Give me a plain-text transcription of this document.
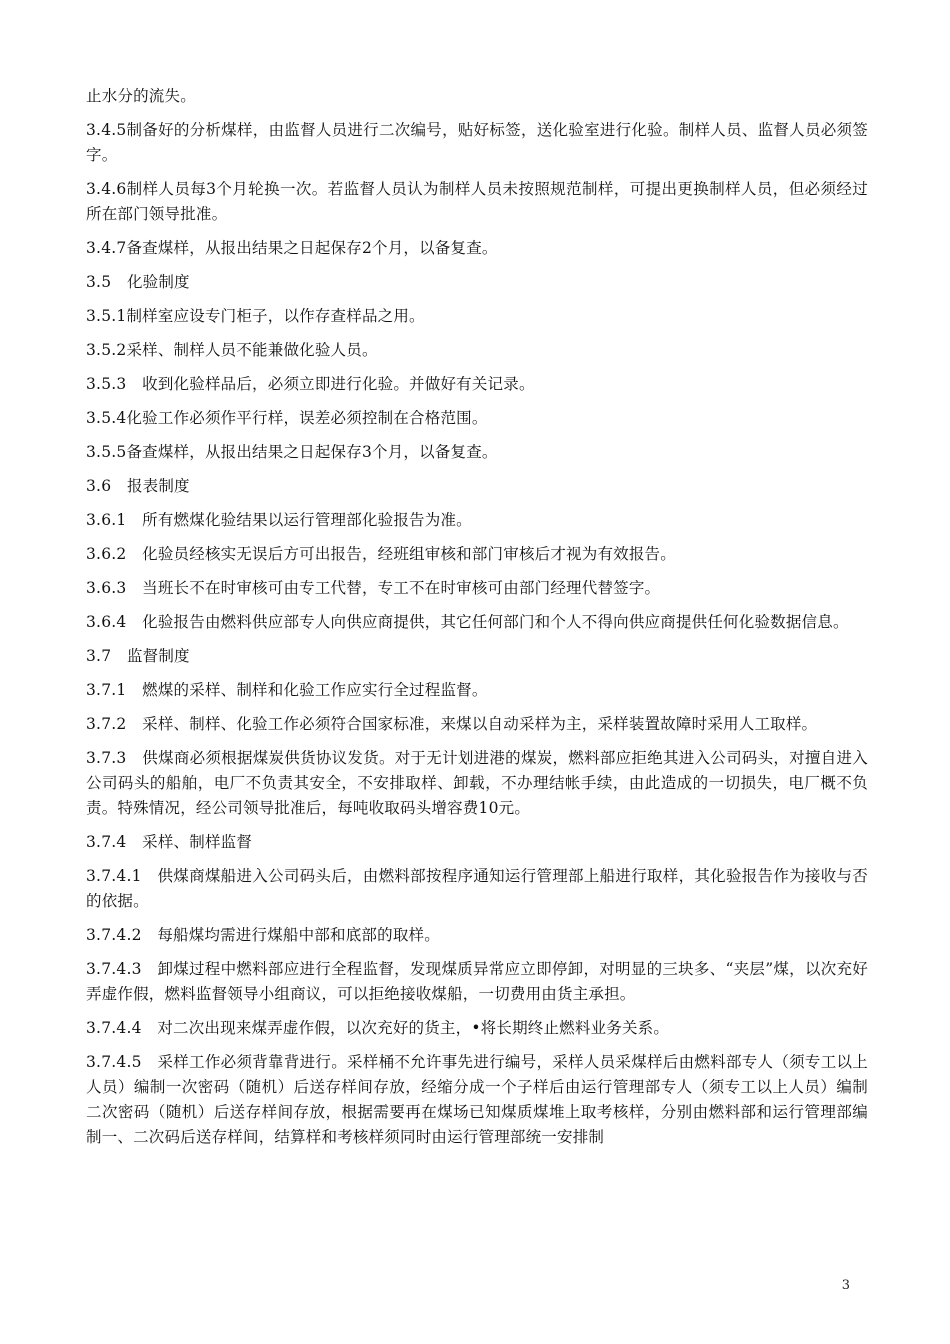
止水分的流失。

3.4.5制备好的分析煤样，由监督人员进行二次编号，贴好标签，送化验室进行化验。制样人员、监督人员必须签字。

3.4.6制样人员每3个月轮换一次。若监督人员认为制样人员未按照规范制样，可提出更换制样人员，但必须经过所在部门领导批准。

3.4.7备查煤样，从报出结果之日起保存2个月，以备复查。

3.5　化验制度

3.5.1制样室应设专门柜子，以作存查样品之用。

3.5.2采样、制样人员不能兼做化验人员。

3.5.3　收到化验样品后，必须立即进行化验。并做好有关记录。

3.5.4化验工作必须作平行样，误差必须控制在合格范围。

3.5.5备查煤样，从报出结果之日起保存3个月，以备复查。

3.6　报表制度

3.6.1　所有燃煤化验结果以运行管理部化验报告为准。

3.6.2　化验员经核实无误后方可出报告，经班组审核和部门审核后才视为有效报告。

3.6.3　当班长不在时审核可由专工代替，专工不在时审核可由部门经理代替签字。

3.6.4　化验报告由燃料供应部专人向供应商提供，其它任何部门和个人不得向供应商提供任何化验数据信息。

3.7　监督制度

3.7.1　燃煤的采样、制样和化验工作应实行全过程监督。

3.7.2　采样、制样、化验工作必须符合国家标准，来煤以自动采样为主，采样装置故障时采用人工取样。

3.7.3　供煤商必须根据煤炭供货协议发货。对于无计划进港的煤炭，燃料部应拒绝其进入公司码头，对擅自进入公司码头的船舶，电厂不负责其安全，不安排取样、卸载，不办理结帐手续，由此造成的一切损失，电厂概不负责。特殊情况，经公司领导批准后，每吨收取码头增容费10元。

3.7.4　采样、制样监督

3.7.4.1　供煤商煤船进入公司码头后，由燃料部按程序通知运行管理部上船进行取样，其化验报告作为接收与否的依据。

3.7.4.2　每船煤均需进行煤船中部和底部的取样。

3.7.4.3　卸煤过程中燃料部应进行全程监督，发现煤质异常应立即停卸，对明显的三块多、“夹层”煤，以次充好弄虚作假，燃料监督领导小组商议，可以拒绝接收煤船，一切费用由货主承担。

3.7.4.4　对二次出现来煤弄虚作假，以次充好的货主，•将长期终止燃料业务关系。

3.7.4.5　采样工作必须背靠背进行。采样桶不允许事先进行编号，采样人员采煤样后由燃料部专人（须专工以上人员）编制一次密码（随机）后送存样间存放，经缩分成一个子样后由运行管理部专人（须专工以上人员）编制二次密码（随机）后送存样间存放，根据需要再在煤场已知煤质煤堆上取考核样，分别由燃料部和运行管理部编制一、二次码后送存样间，结算样和考核样须同时由运行管理部统一安排制

3
